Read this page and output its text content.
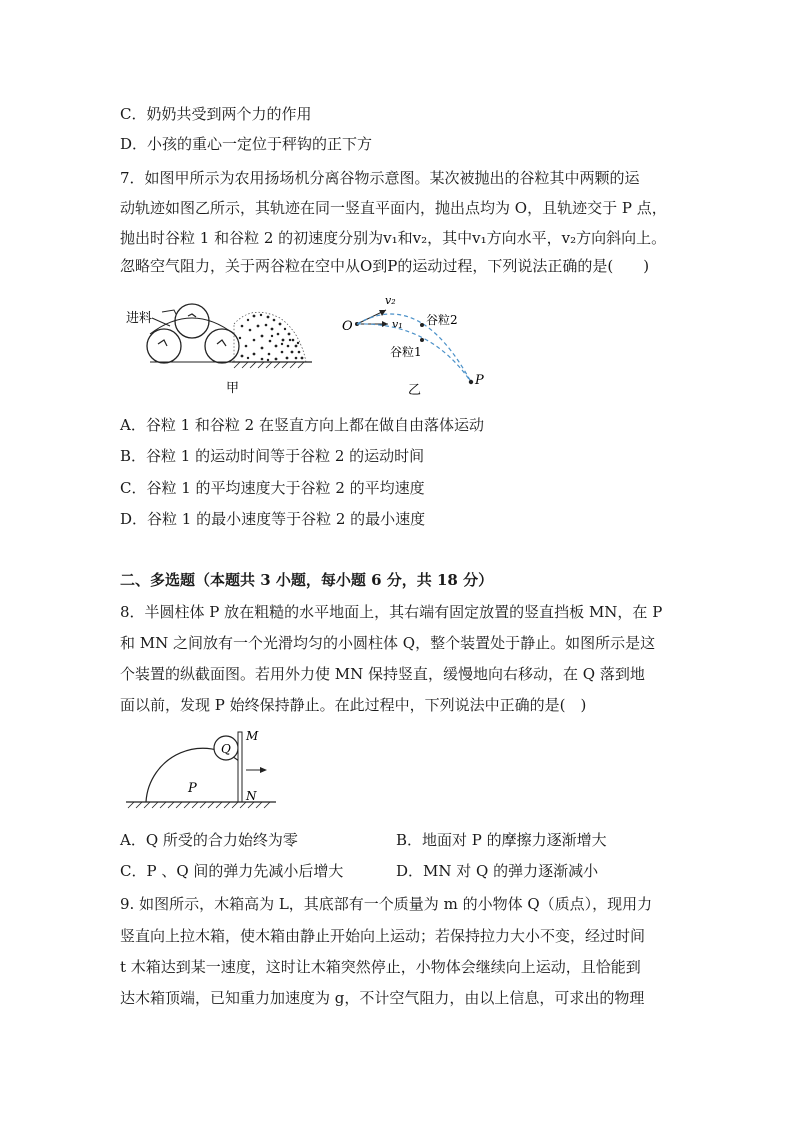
C．奶奶共受到两个力的作用
D．小孩的重心一定位于秤钩的正下方
7．如图甲所示为农用扬场机分离谷物示意图。某次被抛出的谷粒其中两颗的运
动轨迹如图乙所示，其轨迹在同一竖直平面内，抛出点均为 O，且轨迹交于 P 点，
抛出时谷粒 1 和谷粒 2 的初速度分别为v₁和v₂，其中v₁方向水平，v₂方向斜向上。
忽略空气阻力，关于两谷粒在空中从O到P的运动过程，下列说法正确的是(　　)
进料
甲
O	v₁
v₂
谷粒2
谷粒1
P
乙
A．谷粒 1 和谷粒 2 在竖直方向上都在做自由落体运动
B．谷粒 1 的运动时间等于谷粒 2 的运动时间
C．谷粒 1 的平均速度大于谷粒 2 的平均速度
D．谷粒 1 的最小速度等于谷粒 2 的最小速度
二、多选题（本题共 3 小题，每小题 6 分，共 18 分）
8．半圆柱体 P 放在粗糙的水平地面上，其右端有固定放置的竖直挡板 MN，在 P
和 MN 之间放有一个光滑均匀的小圆柱体 Q，整个装置处于静止。如图所示是这
个装置的纵截面图。若用外力使 MN 保持竖直，缓慢地向右移动，在 Q 落到地
面以前，发现 P 始终保持静止。在此过程中，下列说法中正确的是(　)
P
Q
M
N
A．Q 所受的合力始终为零	B．地面对 P 的摩擦力逐渐增大
C．P 、Q 间的弹力先减小后增大	D．MN 对 Q 的弹力逐渐减小
9. 如图所示，木箱高为 L，其底部有一个质量为 m 的小物体 Q（质点），现用力
竖直向上拉木箱，使木箱由静止开始向上运动；若保持拉力大小不变，经过时间
t 木箱达到某一速度，这时让木箱突然停止，小物体会继续向上运动，且恰能到
达木箱顶端，已知重力加速度为 g，不计空气阻力，由以上信息，可求出的物理
